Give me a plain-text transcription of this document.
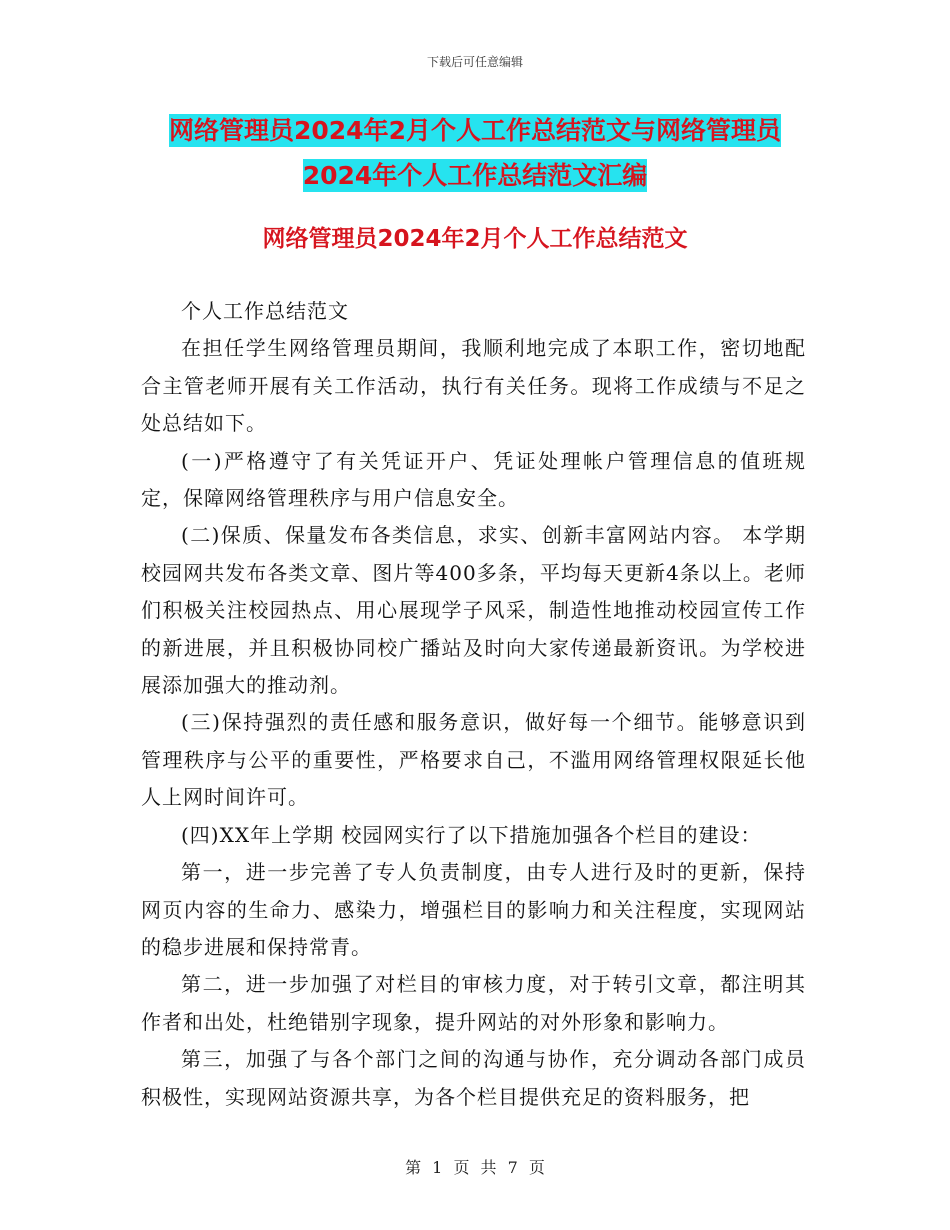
下载后可任意编辑
网络管理员2024年2月个人工作总结范文与网络管理员2024年个人工作总结范文汇编
网络管理员2024年2月个人工作总结范文

个人工作总结范文

在担任学生网络管理员期间，我顺利地完成了本职工作，密切地配合主管老师开展有关工作活动，执行有关任务。现将工作成绩与不足之处总结如下。

(一)严格遵守了有关凭证开户、凭证处理帐户管理信息的值班规定，保障网络管理秩序与用户信息安全。

(二)保质、保量发布各类信息，求实、创新丰富网站内容。 本学期校园网共发布各类文章、图片等400多条，平均每天更新4条以上。老师们积极关注校园热点、用心展现学子风采，制造性地推动校园宣传工作的新进展，并且积极协同校广播站及时向大家传递最新资讯。为学校进展添加强大的推动剂。

(三)保持强烈的责任感和服务意识，做好每一个细节。能够意识到管理秩序与公平的重要性，严格要求自己，不滥用网络管理权限延长他人上网时间许可。

(四)XX年上学期 校园网实行了以下措施加强各个栏目的建设：

第一，进一步完善了专人负责制度，由专人进行及时的更新，保持网页内容的生命力、感染力，增强栏目的影响力和关注程度，实现网站的稳步进展和保持常青。

第二，进一步加强了对栏目的审核力度，对于转引文章，都注明其作者和出处，杜绝错别字现象，提升网站的对外形象和影响力。

第三，加强了与各个部门之间的沟通与协作，充分调动各部门成员积极性，实现网站资源共享，为各个栏目提供充足的资料服务，把

第 1 页 共 7 页
